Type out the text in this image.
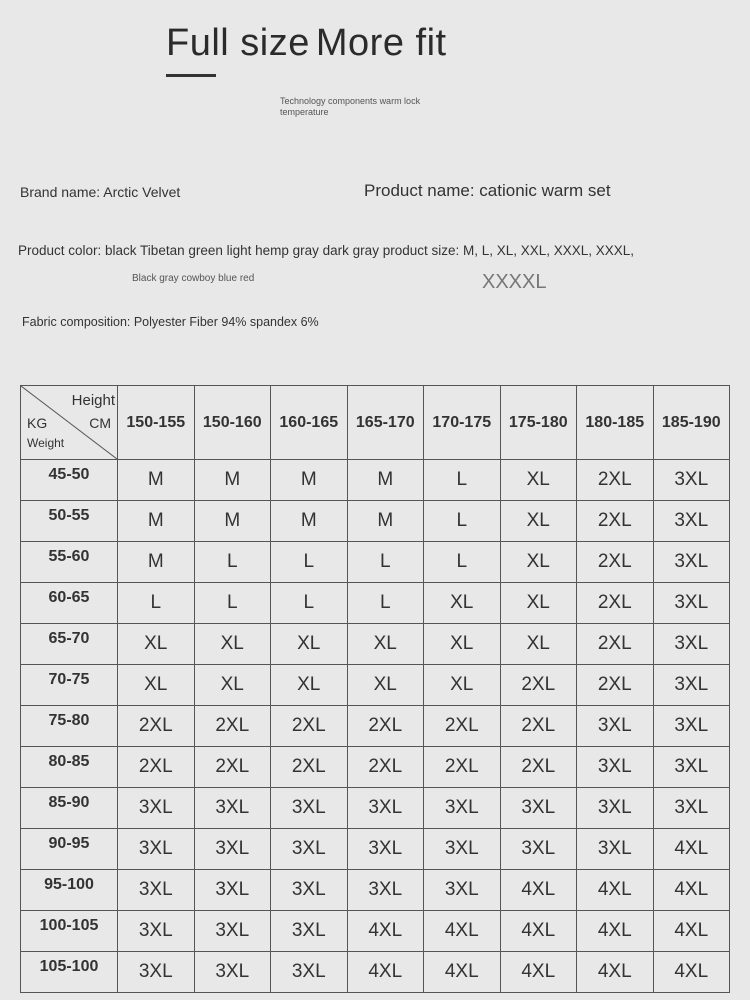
Full size More fit
Technology components warm lock temperature
Brand name: Arctic Velvet	Product name: cationic warm set
Product color: black Tibetan green light hemp gray dark gray product size: M, L, XL, XXL, XXXL, XXXL,
Black gray cowboy blue red	XXXXL
Fabric composition: Polyester Fiber 94% spandex 6%
Height
KG CM
Weight	150-155	150-160	160-165	165-170	170-175	175-180	180-185	185-190
45-50	M	M	M	M	L	XL	2XL	3XL
50-55	M	M	M	M	L	XL	2XL	3XL
55-60	M	L	L	L	L	XL	2XL	3XL
60-65	L	L	L	L	XL	XL	2XL	3XL
65-70	XL	XL	XL	XL	XL	XL	2XL	3XL
70-75	XL	XL	XL	XL	XL	2XL	2XL	3XL
75-80	2XL	2XL	2XL	2XL	2XL	2XL	3XL	3XL
80-85	2XL	2XL	2XL	2XL	2XL	2XL	3XL	3XL
85-90	3XL	3XL	3XL	3XL	3XL	3XL	3XL	3XL
90-95	3XL	3XL	3XL	3XL	3XL	3XL	3XL	4XL
95-100	3XL	3XL	3XL	3XL	3XL	4XL	4XL	4XL
100-105	3XL	3XL	3XL	4XL	4XL	4XL	4XL	4XL
105-100	3XL	3XL	3XL	4XL	4XL	4XL	4XL	4XL
